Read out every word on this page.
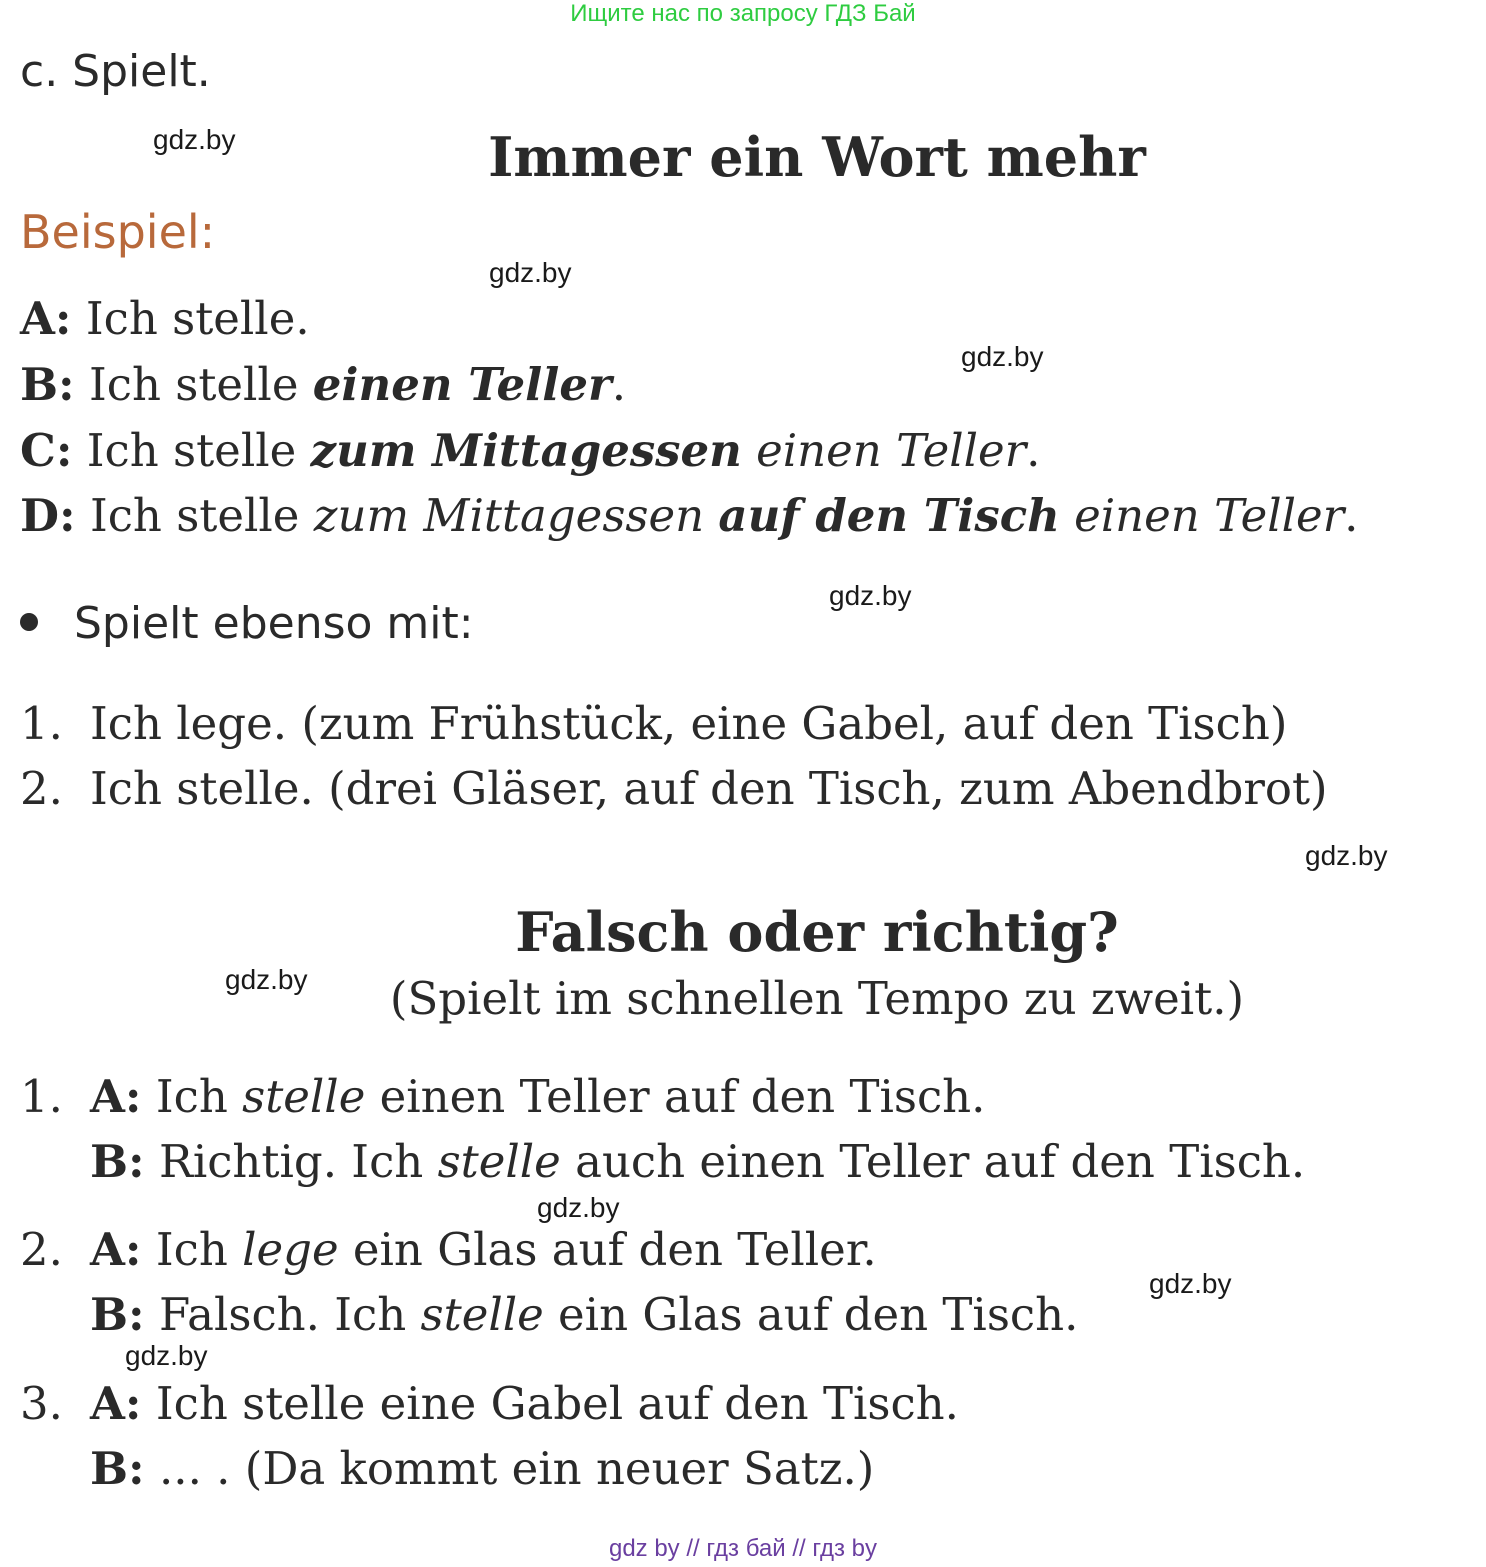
Ищите нас по запросу ГДЗ Бай
c. Spielt.
gdz.by
gdz.by
gdz.by
gdz.by
gdz.by
gdz.by
gdz.by
gdz.by
gdz.by
Immer ein Wort mehr
Beispiel:
A: Ich stelle.
B: Ich stelle einen Teller.
C: Ich stelle zum Mittagessen einen Teller.
D: Ich stelle zum Mittagessen auf den Tisch einen Teller.
Spielt ebenso mit:
1. Ich lege. (zum Frühstück, eine Gabel, auf den Tisch)
2. Ich stelle. (drei Gläser, auf den Tisch, zum Abendbrot)
Falsch oder richtig?
(Spielt im schnellen Tempo zu zweit.)
1. A: Ich stelle einen Teller auf den Tisch.
B: Richtig. Ich stelle auch einen Teller auf den Tisch.
2. A: Ich lege ein Glas auf den Teller.
B: Falsch. Ich stelle ein Glas auf den Tisch.
3. A: Ich stelle eine Gabel auf den Tisch.
B: ... . (Da kommt ein neuer Satz.)
gdz by // гдз бай // гдз by
